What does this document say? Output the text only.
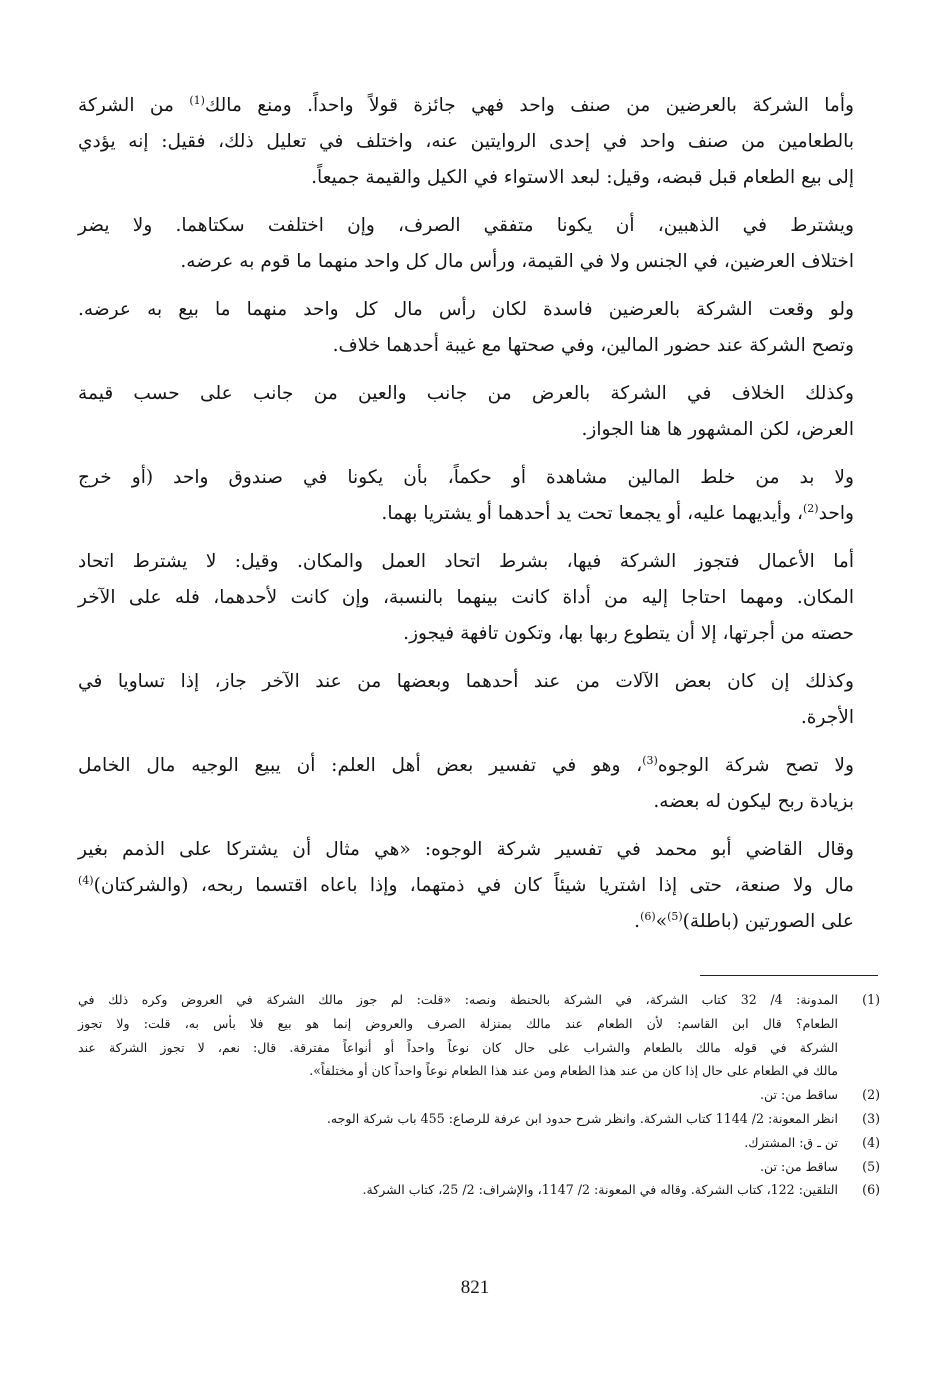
وأما الشركة بالعرضين من صنف واحد فهي جائزة قولاً واحداً. ومنع مالك$^{(1)}$ من الشركة
بالطعامين من صنف واحد في إحدى الروايتين عنه، واختلف في تعليل ذلك، فقيل: إنه يؤدي
إلى بيع الطعام قبل قبضه، وقيل: لبعد الاستواء في الكيل والقيمة جميعاً.

ويشترط في الذهبين، أن يكونا متفقي الصرف، وإن اختلفت سكتاهما. ولا يضر
اختلاف العرضين، في الجنس ولا في القيمة، ورأس مال كل واحد منهما ما قوم به عرضه.

ولو وقعت الشركة بالعرضين فاسدة لكان رأس مال كل واحد منهما ما بيع به عرضه.
وتصح الشركة عند حضور المالين، وفي صحتها مع غيبة أحدهما خلاف.

وكذلك الخلاف في الشركة بالعرض من جانب والعين من جانب على حسب قيمة
العرض، لكن المشهور ها هنا الجواز.

ولا بد من خلط المالين مشاهدة أو حكماً، بأن يكونا في صندوق واحد (أو خرج
واحد$^{(2)}$، وأيديهما عليه، أو يجمعا تحت يد أحدهما أو يشتريا بهما.

أما الأعمال فتجوز الشركة فيها، بشرط اتحاد العمل والمكان. وقيل: لا يشترط اتحاد
المكان. ومهما احتاجا إليه من أداة كانت بينهما بالنسبة، وإن كانت لأحدهما، فله على الآخر
حصته من أجرتها، إلا أن يتطوع ربها بها، وتكون تافهة فيجوز.

وكذلك إن كان بعض الآلات من عند أحدهما وبعضها من عند الآخر جاز، إذا تساويا في
الأجرة.

ولا تصح شركة الوجوه$^{(3)}$، وهو في تفسير بعض أهل العلم: أن يبيع الوجيه مال الخامل
بزيادة ربح ليكون له بعضه.

وقال القاضي أبو محمد في تفسير شركة الوجوه: «هي مثال أن يشتركا على الذمم بغير
مال ولا صنعة، حتى إذا اشتريا شيئاً كان في ذمتهما، وإذا باعاه اقتسما ربحه، (والشركتان)$^{(4)}$
على الصورتين (باطلة)$^{(5)}$»$^{(6)}$.

(1)
المدونة: 4/ 32 كتاب الشركة، في الشركة بالحنطة ونصه: «قلت: لم جوز مالك الشركة في العروض وكره ذلك في
الطعام؟ قال ابن القاسم: لأن الطعام عند مالك بمنزلة الصرف والعروض إنما هو بيع فلا بأس به، قلت: ولا تجوز
الشركة في قوله مالك بالطعام والشراب على حال كان نوعاً واحداً أو أنواعاً مفترقة. قال: نعم، لا تجوز الشركة عند
مالك في الطعام على حال إذا كان من عند هذا الطعام ومن عند هذا الطعام نوعاً واحداً كان أو مختلفاً».
(2)
ساقط من: تن.
(3)
انظر المعونة: 2/ 1144 كتاب الشركة. وانظر شرح حدود ابن عرفة للرصاع: 455 باب شركة الوجه.
(4)
تن ـ ق: المشترك.
(5)
ساقط من: تن.
(6)
التلقين: 122، كتاب الشركة. وقاله في المعونة: 2/ 1147، والإشراف: 2/ 25، كتاب الشركة.
821
